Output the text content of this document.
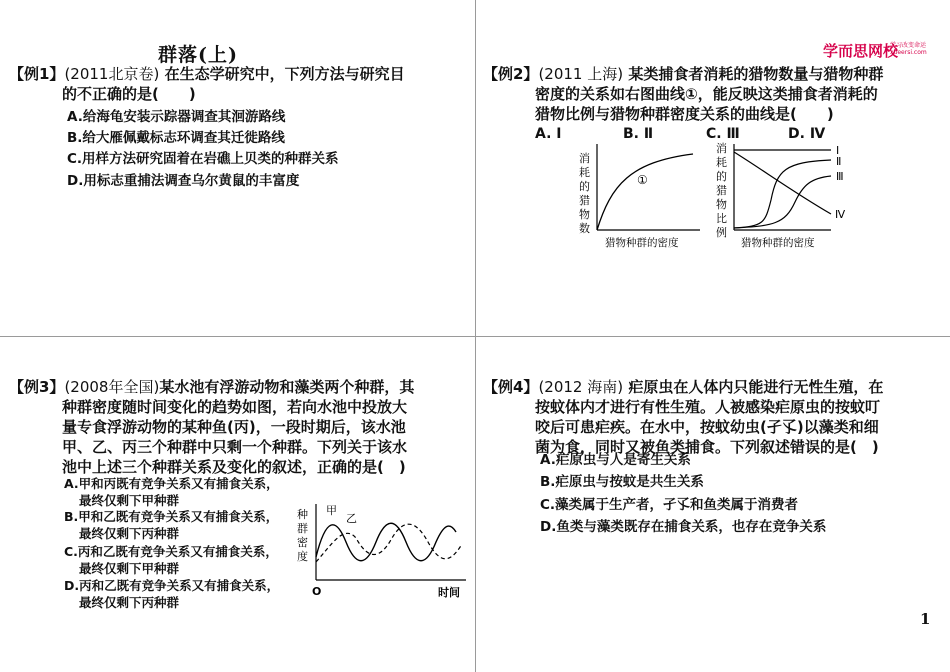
群落(上)
【例1】(2011北京卷) 在生态学研究中，下列方法与研究目
的不正确的是(　　)
A.给海龟安装示踪器调查其洄游路线
B.给大雁佩戴标志环调查其迁徙路线
C.用样方法研究固着在岩礁上贝类的种群关系
D.用标志重捕法调查乌尔黄鼠的丰富度
学而思网校
学习改变命运 xueersi.com
【例2】(2011 上海) 某类捕食者消耗的猎物数量与猎物种群
密度的关系如右图曲线①，能反映这类捕食者消耗的
猎物比例与猎物种群密度关系的曲线是(　　)
A. Ⅰ	B. Ⅱ	C. Ⅲ	D. Ⅳ
消
耗
的
猎
物
数
①
猎物种群的密度
消
耗
的
猎
物
比
例
Ⅰ
Ⅱ
Ⅲ
Ⅳ
猎物种群的密度
【例3】(2008年全国)某水池有浮游动物和藻类两个种群，其
种群密度随时间变化的趋势如图，若向水池中投放大
量专食浮游动物的某种鱼(丙)，一段时期后，该水池
甲、乙、丙三个种群中只剩一个种群。下列关于该水
池中上述三个种群关系及变化的叙述，正确的是(　)
A.甲和丙既有竞争关系又有捕食关系，
最终仅剩下甲种群
B.甲和乙既有竞争关系又有捕食关系，
最终仅剩下丙种群
C.丙和乙既有竞争关系又有捕食关系，
最终仅剩下甲种群
D.丙和乙既有竞争关系又有捕食关系，
最终仅剩下丙种群
种
群
密
度
甲
乙
O	时间
【例4】(2012 海南) 疟原虫在人体内只能进行无性生殖，在
按蚊体内才进行有性生殖。人被感染疟原虫的按蚊叮
咬后可患疟疾。在水中，按蚊幼虫(孑孓)以藻类和细
菌为食，同时又被鱼类捕食。下列叙述错误的是(　)
A.疟原虫与人是寄生关系
B.疟原虫与按蚊是共生关系
C.藻类属于生产者，孑孓和鱼类属于消费者
D.鱼类与藻类既存在捕食关系，也存在竞争关系
1
